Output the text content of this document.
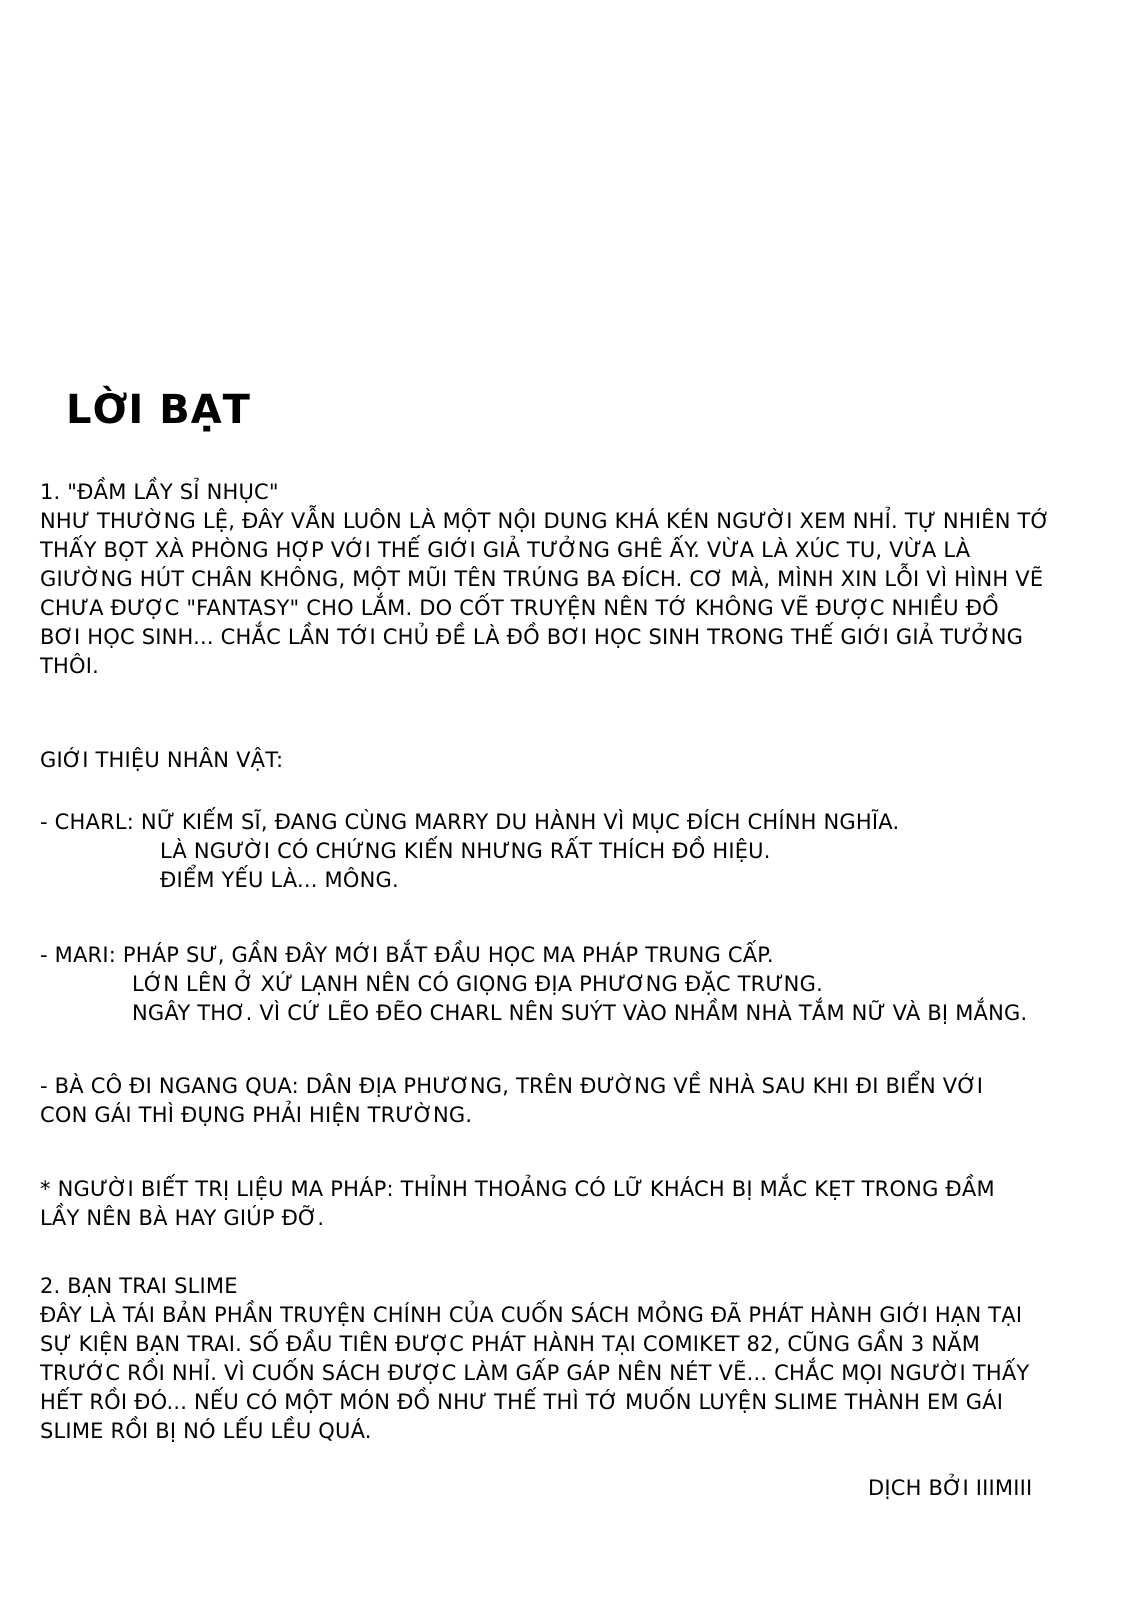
LỜI BẠT
1. "ĐẦM LẦY SỈ NHỤC"
NHƯ THƯỜNG LỆ, ĐÂY VẪN LUÔN LÀ MỘT NỘI DUNG KHÁ KÉN NGƯỜI XEM NHỈ. TỰ NHIÊN TỚ
THẤY BỌT XÀ PHÒNG HỢP VỚI THẾ GIỚI GIẢ TƯỞNG GHÊ ẤY. VỪA LÀ XÚC TU, VỪA LÀ
GIƯỜNG HÚT CHÂN KHÔNG, MỘT MŨI TÊN TRÚNG BA ĐÍCH. CƠ MÀ, MÌNH XIN LỖI VÌ HÌNH VẼ
CHƯA ĐƯỢC "FANTASY" CHO LẮM. DO CỐT TRUYỆN NÊN TỚ KHÔNG VẼ ĐƯỢC NHIỀU ĐỒ
BƠI HỌC SINH... CHẮC LẦN TỚI CHỦ ĐỀ LÀ ĐỒ BƠI HỌC SINH TRONG THẾ GIỚI GIẢ TƯỞNG
THÔI.
GIỚI THIỆU NHÂN VẬT:
- CHARL: NỮ KIẾM SĨ, ĐANG CÙNG MARRY DU HÀNH VÌ MỤC ĐÍCH CHÍNH NGHĨA.
LÀ NGƯỜI CÓ CHỨNG KIẾN NHƯNG RẤT THÍCH ĐỒ HIỆU.
ĐIỂM YẾU LÀ... MÔNG.
- MARI: PHÁP SƯ, GẦN ĐÂY MỚI BẮT ĐẦU HỌC MA PHÁP TRUNG CẤP.
LỚN LÊN Ở XỨ LẠNH NÊN CÓ GIỌNG ĐỊA PHƯƠNG ĐẶC TRƯNG.
NGÂY THƠ. VÌ CỨ LẼO ĐẼO CHARL NÊN SUÝT VÀO NHẦM NHÀ TẮM NỮ VÀ BỊ MẮNG.
- BÀ CÔ ĐI NGANG QUA: DÂN ĐỊA PHƯƠNG, TRÊN ĐƯỜNG VỀ NHÀ SAU KHI ĐI BIỂN VỚI
CON GÁI THÌ ĐỤNG PHẢI HIỆN TRƯỜNG.
* NGƯỜI BIẾT TRỊ LIỆU MA PHÁP: THỈNH THOẢNG CÓ LỮ KHÁCH BỊ MẮC KẸT TRONG ĐẦM
LẦY NÊN BÀ HAY GIÚP ĐỠ.
2. BẠN TRAI SLIME
ĐÂY LÀ TÁI BẢN PHẦN TRUYỆN CHÍNH CỦA CUỐN SÁCH MỎNG ĐÃ PHÁT HÀNH GIỚI HẠN TẠI
SỰ KIỆN BẠN TRAI. SỐ ĐẦU TIÊN ĐƯỢC PHÁT HÀNH TẠI COMIKET 82, CŨNG GẦN 3 NĂM
TRƯỚC RỒI NHỈ. VÌ CUỐN SÁCH ĐƯỢC LÀM GẤP GÁP NÊN NÉT VẼ... CHẮC MỌI NGƯỜI THẤY
HẾT RỒI ĐÓ... NẾU CÓ MỘT MÓN ĐỒ NHƯ THẾ THÌ TỚ MUỐN LUYỆN SLIME THÀNH EM GÁI
SLIME RỒI BỊ NÓ LẾU LỀU QUÁ.
DỊCH BỞI IIIMIII
